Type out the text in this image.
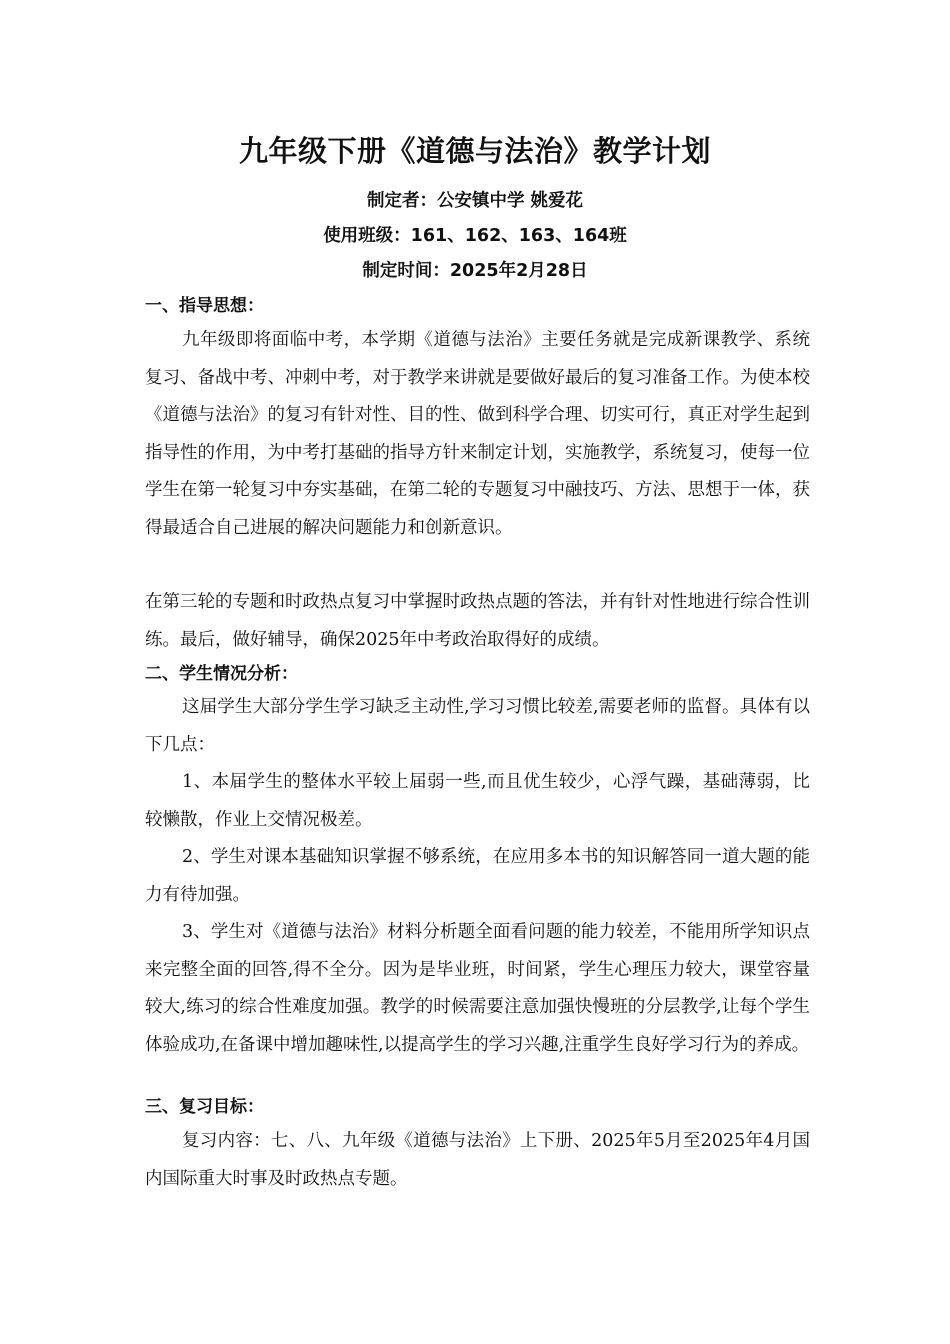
九年级下册《道德与法治》教学计划
制定者：公安镇中学 姚爱花
使用班级：161、162、163、164班
制定时间：2025年2月28日
一、指导思想：

九年级即将面临中考，本学期《道德与法治》主要任务就是完成新课教学、系统复习、备战中考、冲刺中考，对于教学来讲就是要做好最后的复习准备工作。为使本校《道德与法治》的复习有针对性、目的性、做到科学合理、切实可行，真正对学生起到指导性的作用，为中考打基础的指导方针来制定计划，实施教学，系统复习，使每一位学生在第一轮复习中夯实基础，在第二轮的专题复习中融技巧、方法、思想于一体，获得最适合自己进展的解决问题能力和创新意识。

在第三轮的专题和时政热点复习中掌握时政热点题的答法，并有针对性地进行综合性训练。最后，做好辅导，确保2025年中考政治取得好的成绩。

二、学生情况分析：

这届学生大部分学生学习缺乏主动性,学习习惯比较差,需要老师的监督。具体有以下几点：

1、本届学生的整体水平较上届弱一些,而且优生较少，心浮气躁，基础薄弱，比较懒散，作业上交情况极差。

2、学生对课本基础知识掌握不够系统，在应用多本书的知识解答同一道大题的能力有待加强。

3、学生对《道德与法治》材料分析题全面看问题的能力较差，不能用所学知识点来完整全面的回答,得不全分。因为是毕业班，时间紧，学生心理压力较大，课堂容量较大,练习的综合性难度加强。教学的时候需要注意加强快慢班的分层教学,让每个学生体验成功,在备课中增加趣味性,以提高学生的学习兴趣,注重学生良好学习行为的养成。

三、复习目标：

复习内容：七、八、九年级《道德与法治》上下册、2025年5月至2025年4月国内国际重大时事及时政热点专题。
